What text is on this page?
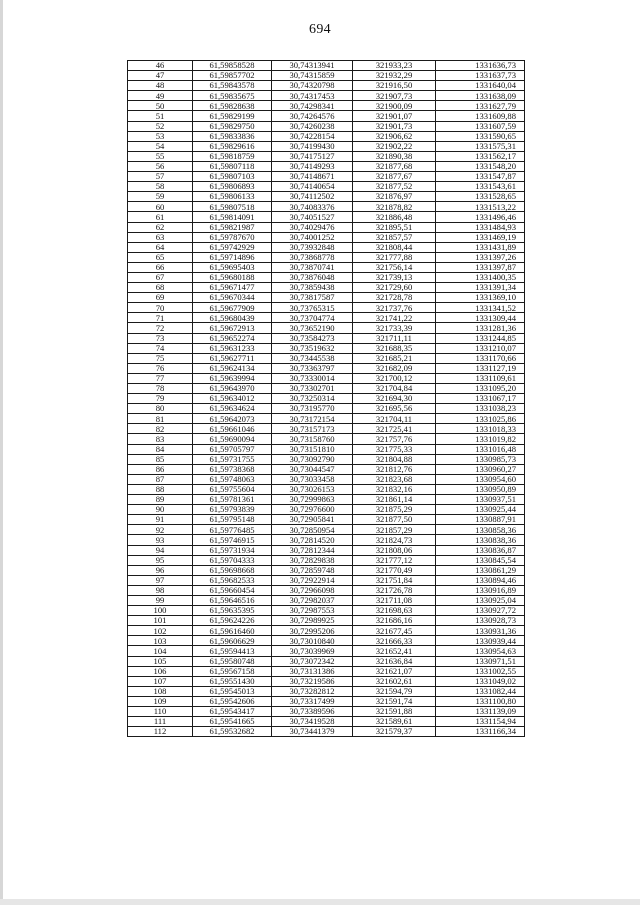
694
46	61,59858528	30,74313941	321933,23	1331636,73
47	61,59857702	30,74315859	321932,29	1331637,73
48	61,59843578	30,74320798	321916,50	1331640,04
49	61,59835675	30,74317453	321907,73	1331638,09
50	61,59828638	30,74298341	321900,09	1331627,79
51	61,59829199	30,74264576	321901,07	1331609,88
52	61,59829750	30,74260238	321901,73	1331607,59
53	61,59833836	30,74228154	321906,62	1331590,65
54	61,59829616	30,74199430	321902,22	1331575,31
55	61,59818759	30,74175127	321890,38	1331562,17
56	61,59807118	30,74149293	321877,68	1331548,20
57	61,59807103	30,74148671	321877,67	1331547,87
58	61,59806893	30,74140654	321877,52	1331543,61
59	61,59806133	30,74112502	321876,97	1331528,65
60	61,59807518	30,74083376	321878,82	1331513,22
61	61,59814091	30,74051527	321886,48	1331496,46
62	61,59821987	30,74029476	321895,51	1331484,93
63	61,59787670	30,74001252	321857,57	1331469,19
64	61,59742929	30,73932848	321808,44	1331431,89
65	61,59714896	30,73868778	321777,88	1331397,26
66	61,59695403	30,73870741	321756,14	1331397,87
67	61,59680188	30,73876048	321739,13	1331400,35
68	61,59671477	30,73859438	321729,60	1331391,34
69	61,59670344	30,73817587	321728,78	1331369,10
70	61,59677909	30,73765315	321737,76	1331341,52
71	61,59680439	30,73704774	321741,22	1331309,44
72	61,59672913	30,73652190	321733,39	1331281,36
73	61,59652274	30,73584273	321711,11	1331244,85
74	61,59631233	30,73519632	321688,35	1331210,07
75	61,59627711	30,73445538	321685,21	1331170,66
76	61,59624134	30,73363797	321682,09	1331127,19
77	61,59639994	30,73330014	321700,12	1331109,61
78	61,59643970	30,73302701	321704,84	1331095,20
79	61,59634012	30,73250314	321694,30	1331067,17
80	61,59634624	30,73195770	321695,56	1331038,23
81	61,59642073	30,73172154	321704,11	1331025,86
82	61,59661046	30,73157173	321725,41	1331018,33
83	61,59690094	30,73158760	321757,76	1331019,82
84	61,59705797	30,73151810	321775,33	1331016,48
85	61,59731755	30,73092790	321804,88	1330985,73
86	61,59738368	30,73044547	321812,76	1330960,27
87	61,59748063	30,73033458	321823,68	1330954,60
88	61,59755604	30,73026153	321832,16	1330950,89
89	61,59781361	30,72999863	321861,14	1330937,51
90	61,59793839	30,72976600	321875,29	1330925,44
91	61,59795148	30,72905841	321877,50	1330887,91
92	61,59776485	30,72850954	321857,29	1330858,36
93	61,59746915	30,72814520	321824,73	1330838,36
94	61,59731934	30,72812344	321808,06	1330836,87
95	61,59704333	30,72829838	321777,12	1330845,54
96	61,59698668	30,72859748	321770,49	1330861,29
97	61,59682533	30,72922914	321751,84	1330894,46
98	61,59660454	30,72966098	321726,78	1330916,89
99	61,59646516	30,72982037	321711,08	1330925,04
100	61,59635395	30,72987553	321698,63	1330927,72
101	61,59624226	30,72989925	321686,16	1330928,73
102	61,59616460	30,72995206	321677,45	1330931,36
103	61,59606629	30,73010840	321666,33	1330939,44
104	61,59594413	30,73039969	321652,41	1330954,63
105	61,59580748	30,73072342	321636,84	1330971,51
106	61,59567158	30,73131386	321621,07	1331002,55
107	61,59551430	30,73219586	321602,61	1331049,02
108	61,59545013	30,73282812	321594,79	1331082,44
109	61,59542606	30,73317499	321591,74	1331100,80
110	61,59543417	30,73389596	321591,88	1331139,09
111	61,59541665	30,73419528	321589,61	1331154,94
112	61,59532682	30,73441379	321579,37	1331166,34
